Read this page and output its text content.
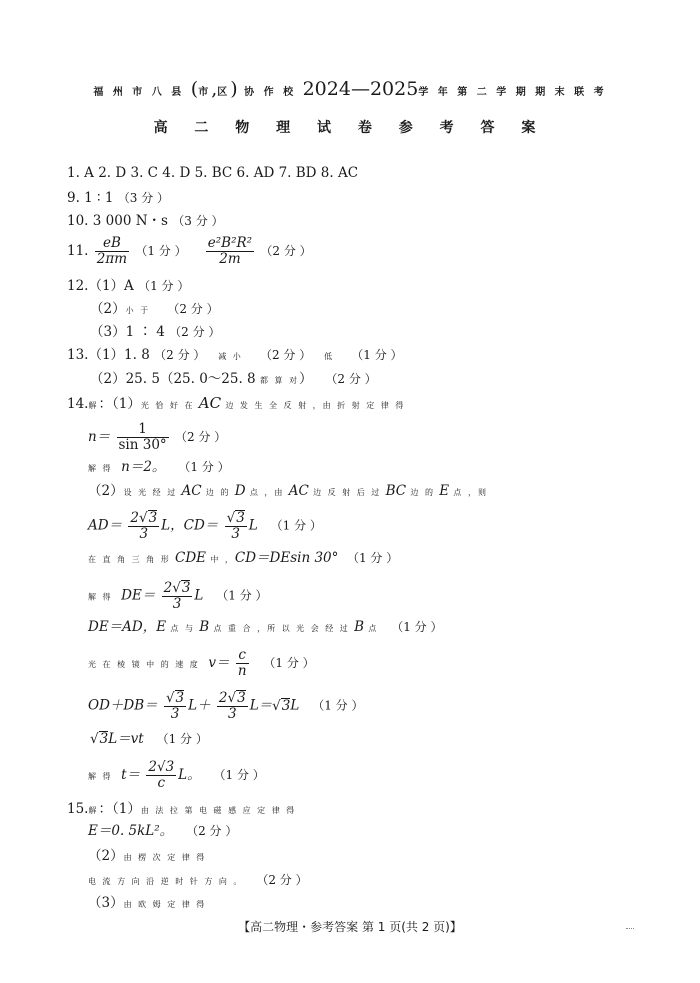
福 州 市 八 县 (市,区) 协 作 校 2024—2025学 年 第 二 学 期 期 末 联 考
高 二 物 理 试 卷 参 考 答 案
1. A 2. D 3. C 4. D 5. BC 6. AD 7. BD 8. AC
9. 1 ∶ 1 （3 分 ）
10. 3 000 N・s （3 分 ）
11. $\frac{eB}{2\pi m} (1$ 分 ） $\frac{\text{e²B²R²}}{2m} (2$ 分 ）
12.（1）A （1 分 ）
（2）小 于 （2 分 ）
（3）1 ∶ 4 （2 分 ）
13.（1）1. 8 （2 分 ） 减 小 （2 分 ） 低 （1 分 ）
（2）25. 5（25. 0～25. 8 都 算 对） （2 分 ）
14.解：（1）光 恰 好 在 AC 边 发 生 全 反 射 ，由 折 射 定 律 得
$n= \frac{1}{\sin 30^\circ} (2$ 分 ）
解 得 n＝2。 （1 分 ）
（2）设 光 经 过 AC 边 的 D 点 ，由 AC 边 反 射 后 过 BC 边 的 E 点 ，则
$AD= \frac{2√3}{3}$ L，$CD= \frac{√3}{3}$ L （1 分 ）
在 直 角 三 角 形 CDE 中 ，CD＝DEsin 30° （1 分 ）
解 得 $DE= \frac{2√3}{3}$ L （1 分 ）
DE＝AD，E 点 与 B 点 重 合 ，所 以 光 会 经 过 B 点 （1 分 ）
光 在 棱 镜 中 的 速 度 $v= \frac{c}{n} (1$ 分 ）
$OD+DB= \frac{√3}{3} L+ \frac{2√3}{3} L=√3L$ （1 分 ）
√3L＝vt （1 分 ）
解 得 $t= \frac{2√3}{c}$ L。 （1 分 ）
15.解：（1）由 法 拉 第 电 磁 感 应 定 律 得
E＝0. 5kL²。 （2 分 ）
（2）由 楞 次 定 律 得
电 流 方 向 沿 逆 时 针 方 向 。 （2 分 ）
（3）由 欧 姆 定 律 得
【高二物理・参考答案 第 1 页(共 2 页)】
